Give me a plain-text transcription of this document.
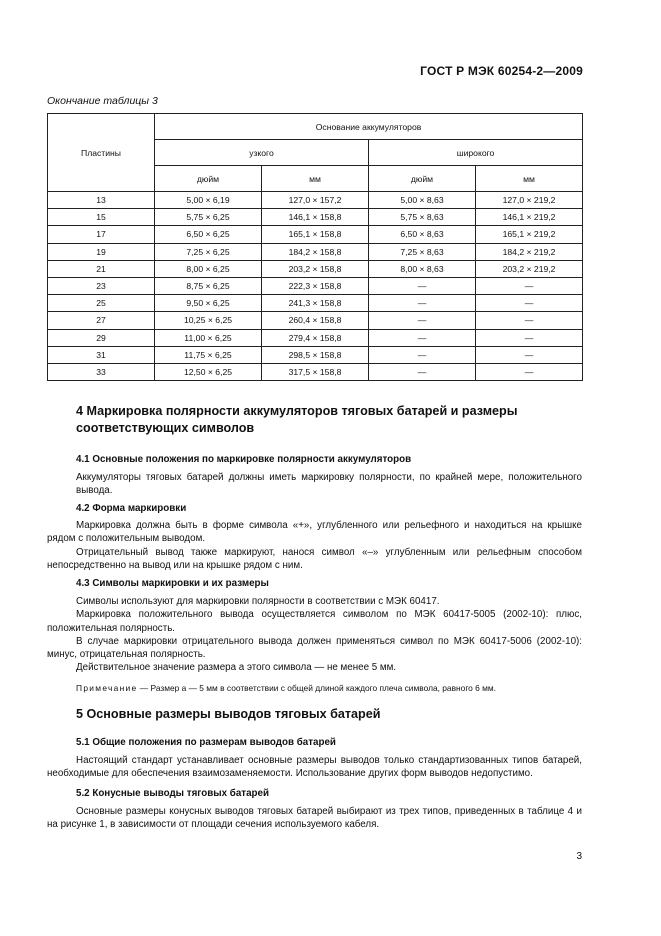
ГОСТ Р МЭК 60254-2—2009
Окончание таблицы 3
Пластины	Основание аккумуляторов			
	узкого		широкого	
	дюйм	мм	дюйм	мм
13	5,00 × 6,19	127,0 × 157,2	5,00 × 8,63	127,0 × 219,2
15	5,75 × 6,25	146,1 × 158,8	5,75 × 8,63	146,1 × 219,2
17	6,50 × 6,25	165,1 × 158,8	6,50 × 8,63	165,1 × 219,2
19	7,25 × 6,25	184,2 × 158,8	7,25 × 8,63	184,2 × 219,2
21	8,00 × 6,25	203,2 × 158,8	8,00 × 8,63	203,2 × 219,2
23	8,75 × 6,25	222,3 × 158,8	—	—
25	9,50 × 6,25	241,3 × 158,8	—	—
27	10,25 × 6,25	260,4 × 158,8	—	—
29	11,00 × 6,25	279,4 × 158,8	—	—
31	11,75 × 6,25	298,5 × 158,8	—	—
33	12,50 × 6,25	317,5 × 158,8	—	—
4 Маркировка полярности аккумуляторов тяговых батарей и размеры соответствующих символов
4.1 Основные положения по маркировке полярности аккумуляторов

Аккумуляторы тяговых батарей должны иметь маркировку полярности, по крайней мере, положительного вывода.

4.2 Форма маркировки

Маркировка должна быть в форме символа «+», углубленного или рельефного и находиться на крышке рядом с положительным выводом.

Отрицательный вывод также маркируют, нанося символ «–» углубленным или рельефным способом непосредственно на вывод или на крышке рядом с ним.

4.3 Символы маркировки и их размеры

Символы используют для маркировки полярности в соответствии с МЭК 60417.

Маркировка положительного вывода осуществляется символом по МЭК 60417-5005 (2002-10): плюс, положительная полярность.

В случае маркировки отрицательного вывода должен применяться символ по МЭК 60417-5006 (2002-10): минус, отрицательная полярность.

Действительное значение размера a этого символа — не менее 5 мм.

Примечание — Размер a — 5 мм в соответствии с общей длиной каждого плеча символа, равного 6 мм.

5 Основные размеры выводов тяговых батарей
5.1 Общие положения по размерам выводов батарей

Настоящий стандарт устанавливает основные размеры выводов только стандартизованных типов батарей, необходимые для обеспечения взаимозаменяемости. Использование других форм выводов недопустимо.

5.2 Конусные выводы тяговых батарей

Основные размеры конусных выводов тяговых батарей выбирают из трех типов, приведенных в таблице 4 и на рисунке 1, в зависимости от площади сечения используемого кабеля.

3
